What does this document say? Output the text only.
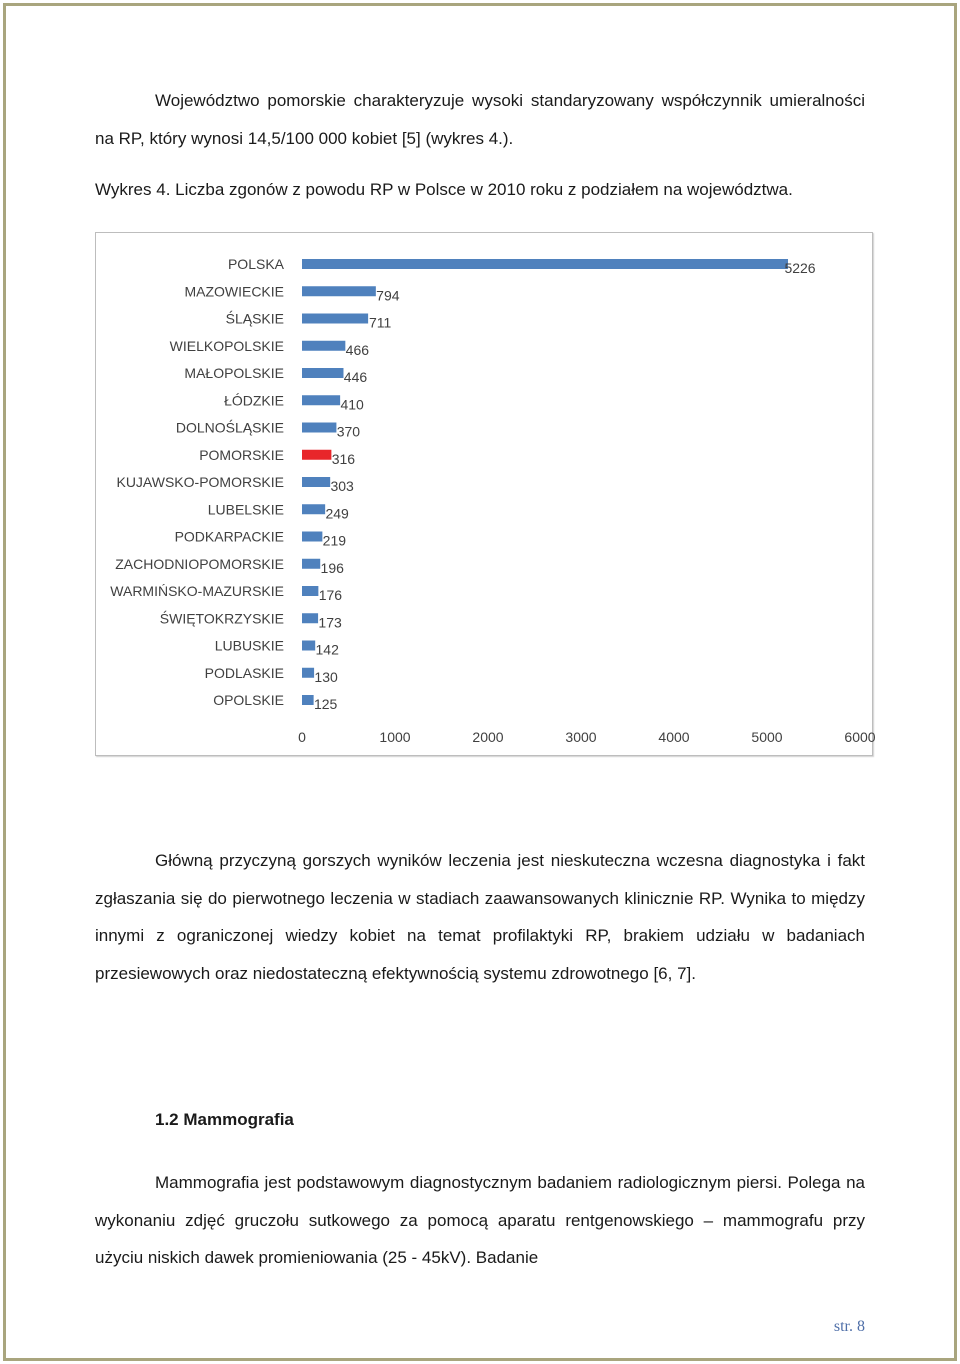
Województwo pomorskie charakteryzuje wysoki standaryzowany współczynnik umieralności na RP, który wynosi 14,5/100 000 kobiet [5] (wykres 4.).

Wykres 4. Liczba zgonów z powodu RP w Polsce w 2010 roku z podziałem na województwa.

POLSKA	5226
MAZOWIECKIE	794
ŚLĄSKIE	711
WIELKOPOLSKIE	466
MAŁOPOLSKIE	446
ŁÓDZKIE	410
DOLNOŚLĄSKIE	370
POMORSKIE	316
KUJAWSKO-POMORSKIE	303
LUBELSKIE	249
PODKARPACKIE	219
ZACHODNIOPOMORSKIE	196
WARMIŃSKO-MAZURSKIE 176
ŚWIĘTOKRZYSKIE 173
LUBUSKIE 142
PODLASKIE 130
OPOLSKIE 125
0	1000	2000	3000	4000	5000	6000

Główną przyczyną gorszych wyników leczenia jest nieskuteczna wczesna diagnostyka i fakt zgłaszania się do pierwotnego leczenia w stadiach zaawansowanych klinicznie RP. Wynika to między innymi z ograniczonej wiedzy kobiet na temat profilaktyki RP, brakiem udziału w badaniach przesiewowych oraz niedostateczną efektywnością systemu zdrowotnego [6, 7].

1.2 Mammografia

Mammografia jest podstawowym diagnostycznym badaniem radiologicznym piersi. Polega na wykonaniu zdjęć gruczołu sutkowego za pomocą aparatu rentgenowskiego – mammografu przy użyciu niskich dawek promieniowania (25 - 45kV). Badanie

str. 8
